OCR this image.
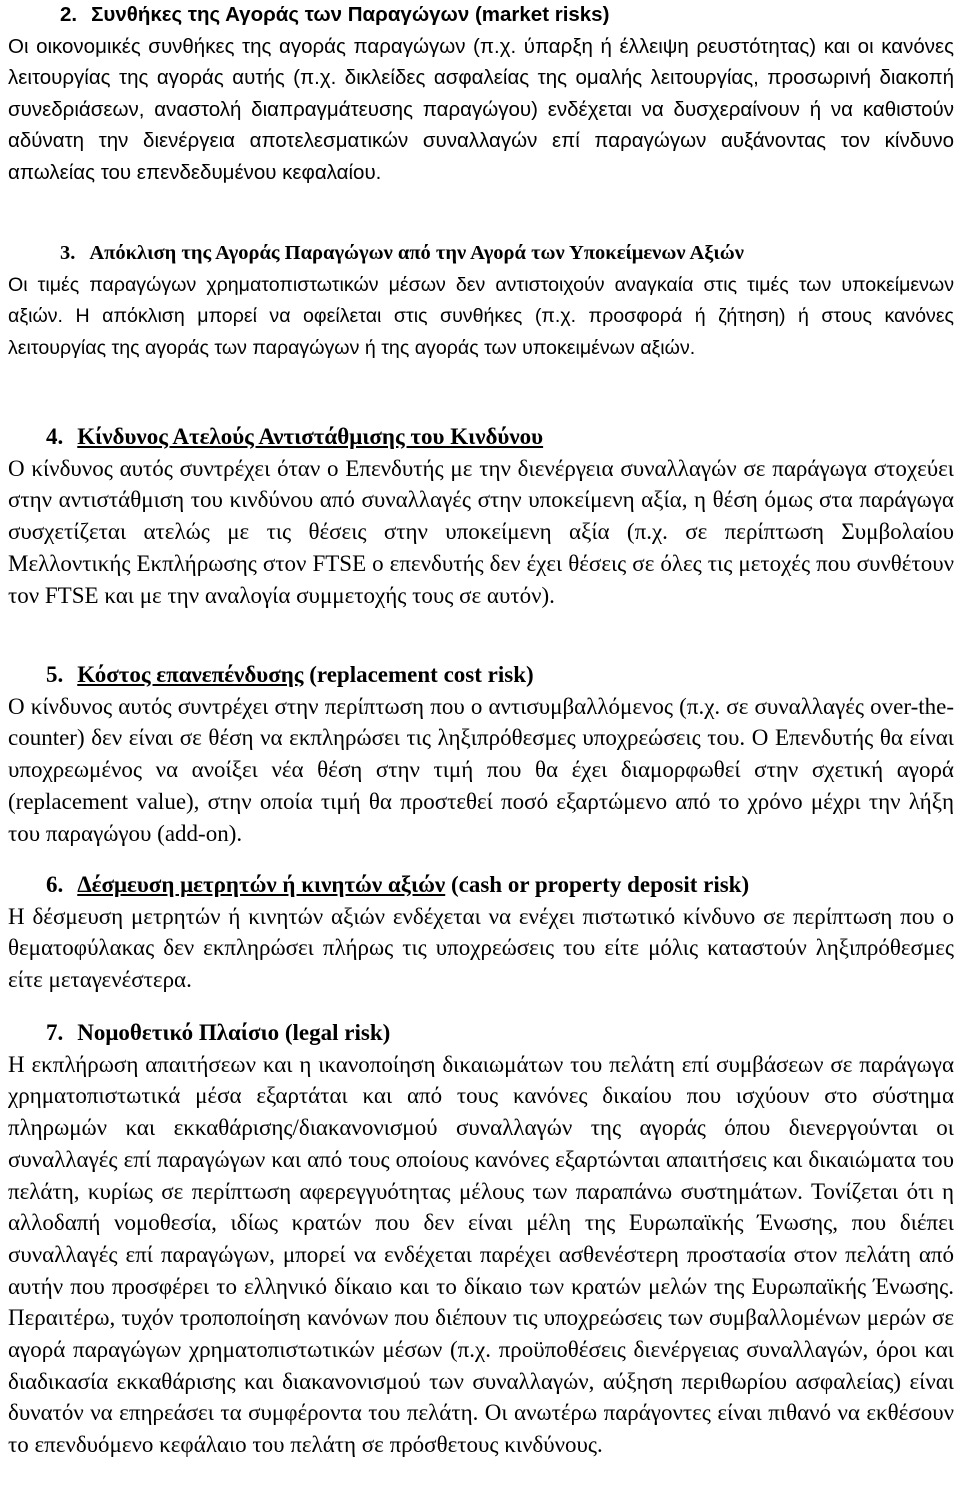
2. Συνθήκες της Αγοράς των Παραγώγων (market risks)

Οι οικονομικές συνθήκες της αγοράς παραγώγων (π.χ. ύπαρξη ή έλλειψη ρευστότητας) και οι κανόνες λειτουργίας της αγοράς αυτής (π.χ. δικλείδες ασφαλείας της ομαλής λειτουργίας, προσωρινή διακοπή συνεδριάσεων, αναστολή διαπραγμάτευσης παραγώγου) ενδέχεται να δυσχεραίνουν ή να καθιστούν αδύνατη την διενέργεια αποτελεσματικών συναλλαγών επί παραγώγων αυξάνοντας τον κίνδυνο απωλείας του επενδεδυμένου κεφαλαίου.

3. Απόκλιση της Αγοράς Παραγώγων από την Αγορά των Υποκείμενων Αξιών

Οι τιμές παραγώγων χρηματοπιστωτικών μέσων δεν αντιστοιχούν αναγκαία στις τιμές των υποκείμενων αξιών. Η απόκλιση μπορεί να οφείλεται στις συνθήκες (π.χ. προσφορά ή ζήτηση) ή στους κανόνες λειτουργίας της αγοράς των παραγώγων ή της αγοράς των υποκειμένων αξιών.

4. Κίνδυνος Ατελούς Αντιστάθμισης του Κινδύνου

Ο κίνδυνος αυτός συντρέχει όταν ο Επενδυτής με την διενέργεια συναλλαγών σε παράγωγα στοχεύει στην αντιστάθμιση του κινδύνου από συναλλαγές στην υποκείμενη αξία, η θέση όμως στα παράγωγα συσχετίζεται ατελώς με τις θέσεις στην υποκείμενη αξία (π.χ. σε περίπτωση Συμβολαίου Μελλοντικής Εκπλήρωσης στον FTSE ο επενδυτής δεν έχει θέσεις σε όλες τις μετοχές που συνθέτουν τον FTSE και με την αναλογία συμμετοχής τους σε αυτόν).

5. Κόστος επανεπένδυσης (replacement cost risk)

Ο κίνδυνος αυτός συντρέχει στην περίπτωση που ο αντισυμβαλλόμενος (π.χ. σε συναλλαγές over-the-counter) δεν είναι σε θέση να εκπληρώσει τις ληξιπρόθεσμες υποχρεώσεις του. Ο Επενδυτής θα είναι υποχρεωμένος να ανοίξει νέα θέση στην τιμή που θα έχει διαμορφωθεί στην σχετική αγορά (replacement value), στην οποία τιμή θα προστεθεί ποσό εξαρτώμενο από το χρόνο μέχρι την λήξη του παραγώγου (add-on).

6. Δέσμευση μετρητών ή κινητών αξιών (cash or property deposit risk)

Η δέσμευση μετρητών ή κινητών αξιών ενδέχεται να ενέχει πιστωτικό κίνδυνο σε περίπτωση που ο θεματοφύλακας δεν εκπληρώσει πλήρως τις υποχρεώσεις του είτε μόλις καταστούν ληξιπρόθεσμες είτε μεταγενέστερα.

7. Νομοθετικό Πλαίσιο (legal risk)

Η εκπλήρωση απαιτήσεων και η ικανοποίηση δικαιωμάτων του πελάτη επί συμβάσεων σε παράγωγα χρηματοπιστωτικά μέσα εξαρτάται και από τους κανόνες δικαίου που ισχύουν στο σύστημα πληρωμών και εκκαθάρισης/διακανονισμού συναλλαγών της αγοράς όπου διενεργούνται οι συναλλαγές επί παραγώγων και από τους οποίους κανόνες εξαρτώνται απαιτήσεις και δικαιώματα του πελάτη, κυρίως σε περίπτωση αφερεγγυότητας μέλους των παραπάνω συστημάτων. Τονίζεται ότι η αλλοδαπή νομοθεσία, ιδίως κρατών που δεν είναι μέλη της Ευρωπαϊκής Ένωσης, που διέπει συναλλαγές επί παραγώγων, μπορεί να ενδέχεται παρέχει ασθενέστερη προστασία στον πελάτη από αυτήν που προσφέρει το ελληνικό δίκαιο και το δίκαιο των κρατών μελών της Ευρωπαϊκής Ένωσης. Περαιτέρω, τυχόν τροποποίηση κανόνων που διέπουν τις υποχρεώσεις των συμβαλλομένων μερών σε αγορά παραγώγων χρηματοπιστωτικών μέσων (π.χ. προϋποθέσεις διενέργειας συναλλαγών, όροι και διαδικασία εκκαθάρισης και διακανονισμού των συναλλαγών, αύξηση περιθωρίου ασφαλείας) είναι δυνατόν να επηρεάσει τα συμφέροντα του πελάτη. Οι ανωτέρω παράγοντες είναι πιθανό να εκθέσουν το επενδυόμενο κεφάλαιο του πελάτη σε πρόσθετους κινδύνους.
